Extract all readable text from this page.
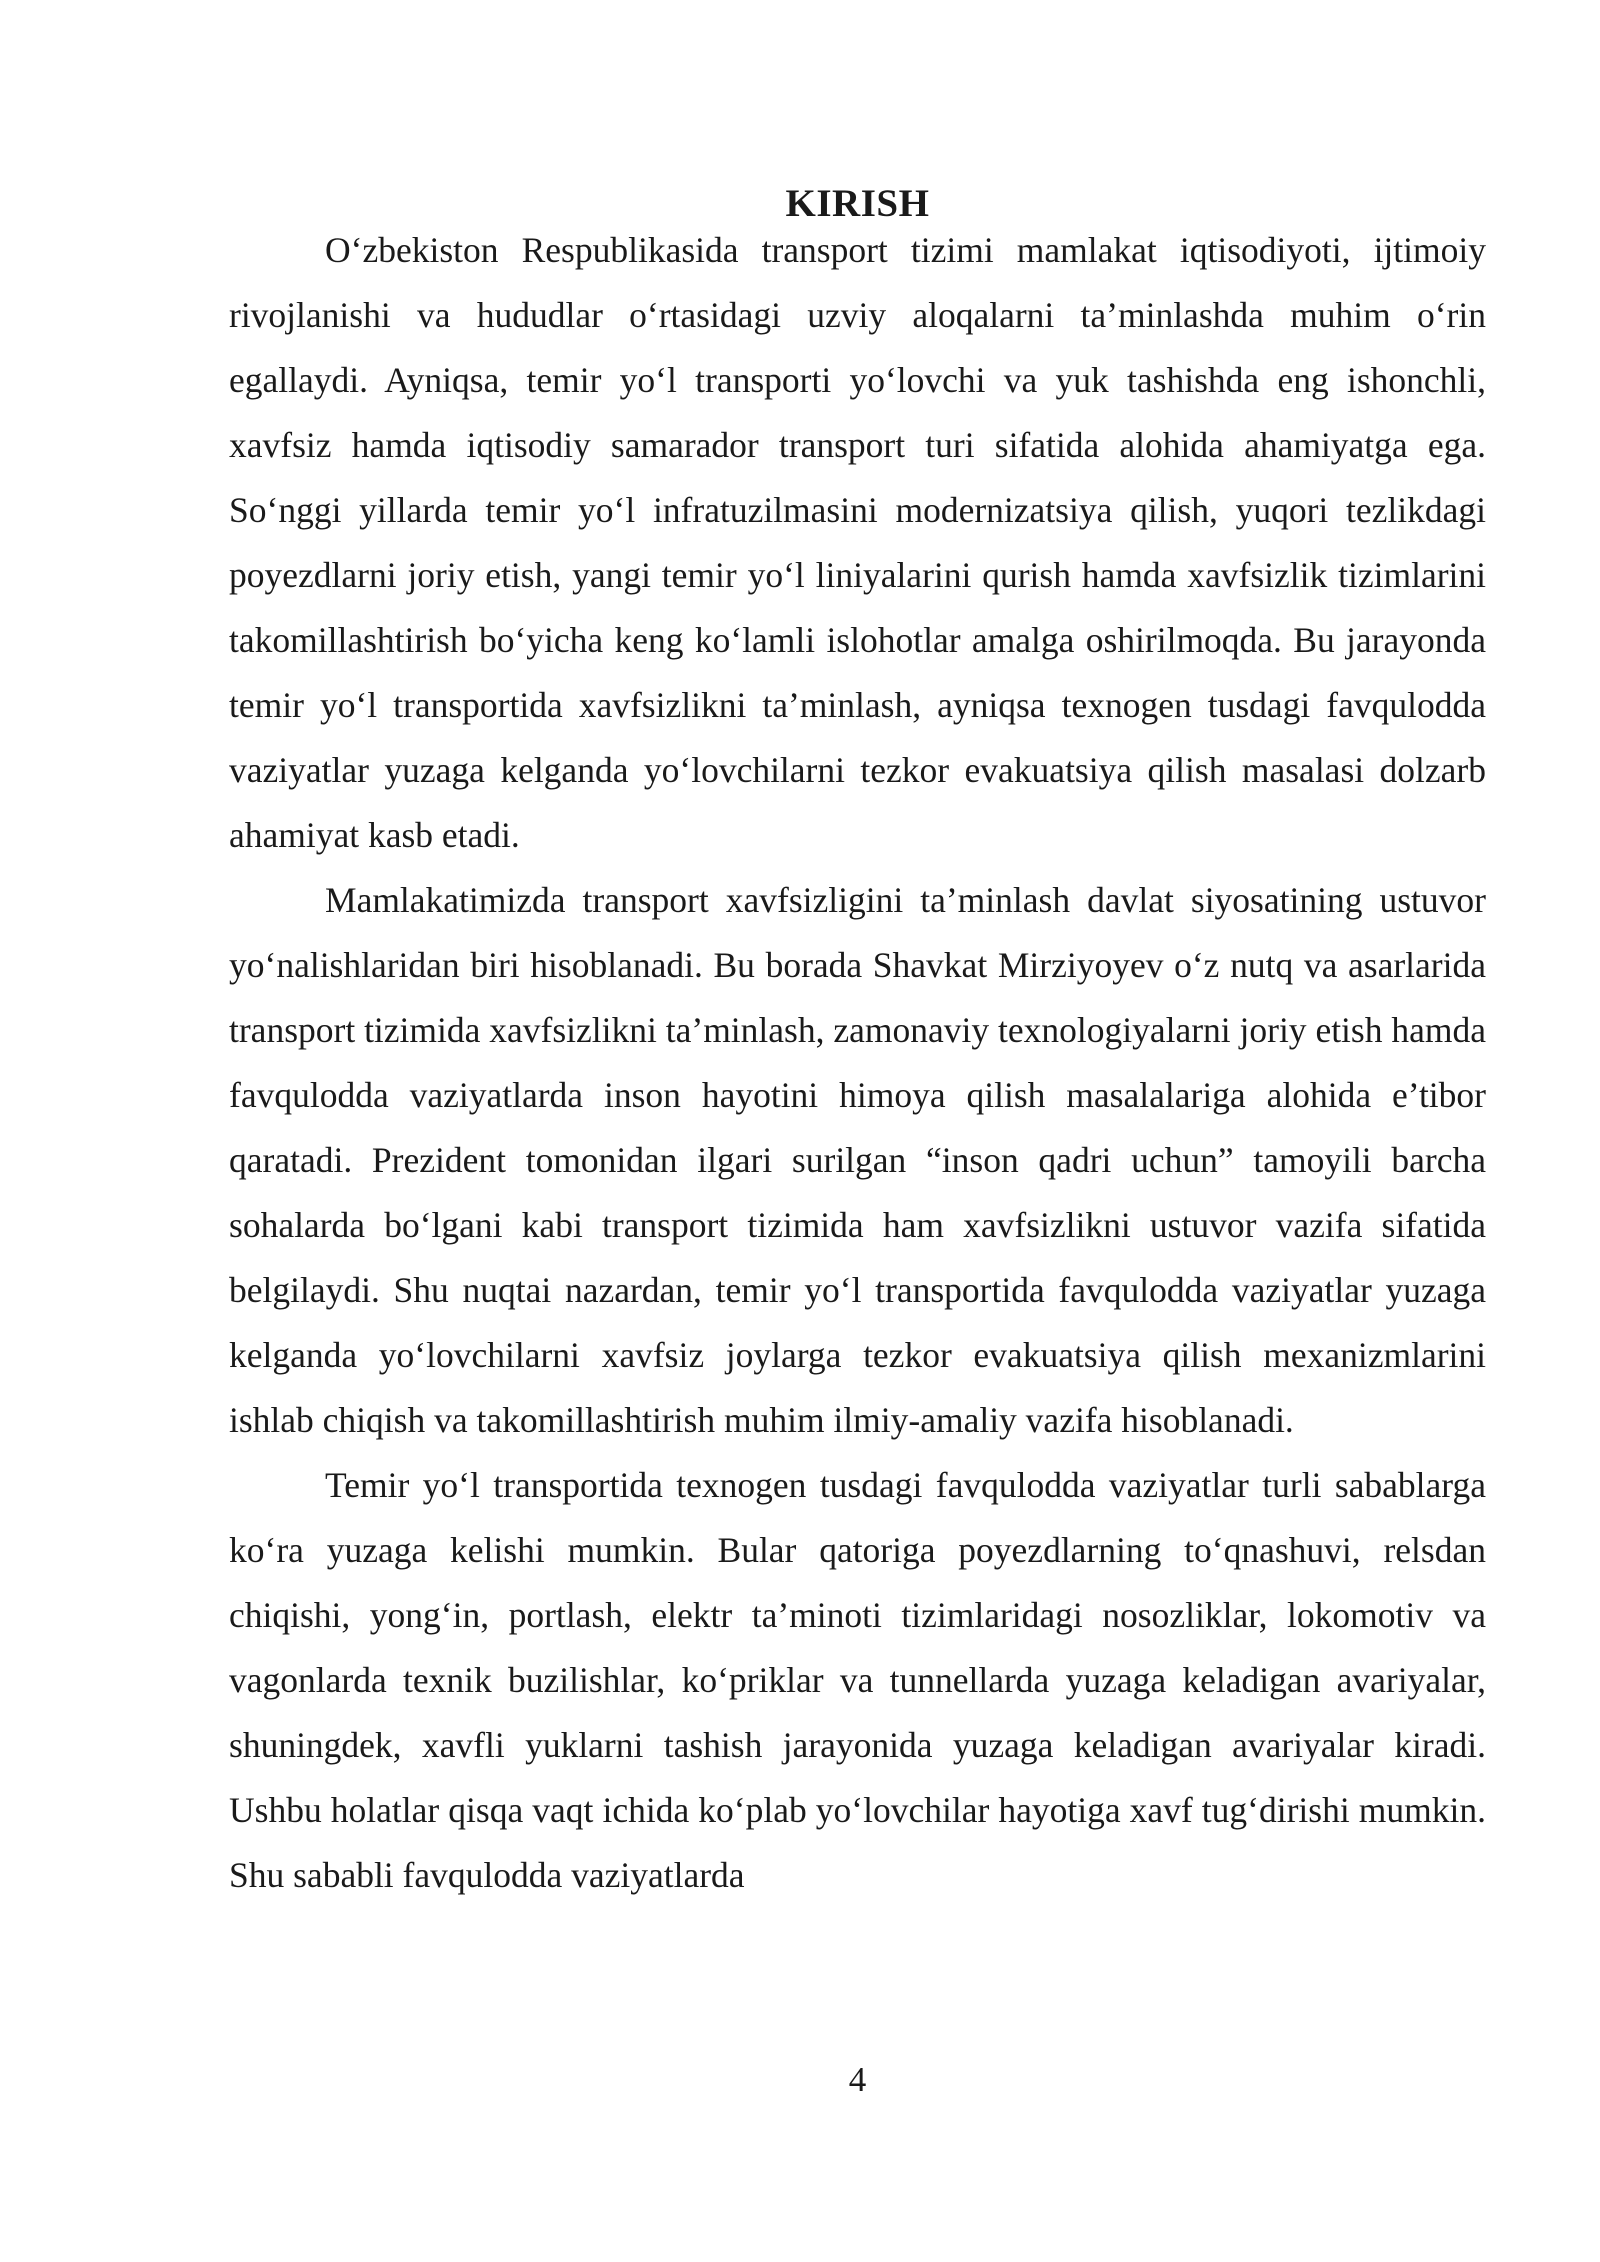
KIRISH

O‘zbekiston Respublikasida transport tizimi mamlakat iqtisodiyoti, ijtimoiy rivojlanishi va hududlar o‘rtasidagi uzviy aloqalarni ta’minlashda muhim o‘rin egallaydi. Ayniqsa, temir yo‘l transporti yo‘lovchi va yuk tashishda eng ishonchli, xavfsiz hamda iqtisodiy samarador transport turi sifatida alohida ahamiyatga ega. So‘nggi yillarda temir yo‘l infratuzilmasini modernizatsiya qilish, yuqori tezlikdagi poyezdlarni joriy etish, yangi temir yo‘l liniyalarini qurish hamda xavfsizlik tizimlarini takomillashtirish bo‘yicha keng ko‘lamli islohotlar amalga oshirilmoqda. Bu jarayonda temir yo‘l transportida xavfsizlikni ta’minlash, ayniqsa texnogen tusdagi favqulodda vaziyatlar yuzaga kelganda yo‘lovchilarni tezkor evakuatsiya qilish masalasi dolzarb ahamiyat kasb etadi.

Mamlakatimizda transport xavfsizligini ta’minlash davlat siyosatining ustuvor yo‘nalishlaridan biri hisoblanadi. Bu borada Shavkat Mirziyoyev o‘z nutq va asarlarida transport tizimida xavfsizlikni ta’minlash, zamonaviy texnologiyalarni joriy etish hamda favqulodda vaziyatlarda inson hayotini himoya qilish masalalariga alohida e’tibor qaratadi. Prezident tomonidan ilgari surilgan “inson qadri uchun” tamoyili barcha sohalarda bo‘lgani kabi transport tizimida ham xavfsizlikni ustuvor vazifa sifatida belgilaydi. Shu nuqtai nazardan, temir yo‘l transportida favqulodda vaziyatlar yuzaga kelganda yo‘lovchilarni xavfsiz joylarga tezkor evakuatsiya qilish mexanizmlarini ishlab chiqish va takomillashtirish muhim ilmiy-amaliy vazifa hisoblanadi.

Temir yo‘l transportida texnogen tusdagi favqulodda vaziyatlar turli sabablarga ko‘ra yuzaga kelishi mumkin. Bular qatoriga poyezdlarning to‘qnashuvi, relsdan chiqishi, yong‘in, portlash, elektr ta’minoti tizimlaridagi nosozliklar, lokomotiv va vagonlarda texnik buzilishlar, ko‘priklar va tunnellarda yuzaga keladigan avariyalar, shuningdek, xavfli yuklarni tashish jarayonida yuzaga keladigan avariyalar kiradi. Ushbu holatlar qisqa vaqt ichida ko‘plab yo‘lovchilar hayotiga xavf tug‘dirishi mumkin. Shu sababli favqulodda vaziyatlarda

4
